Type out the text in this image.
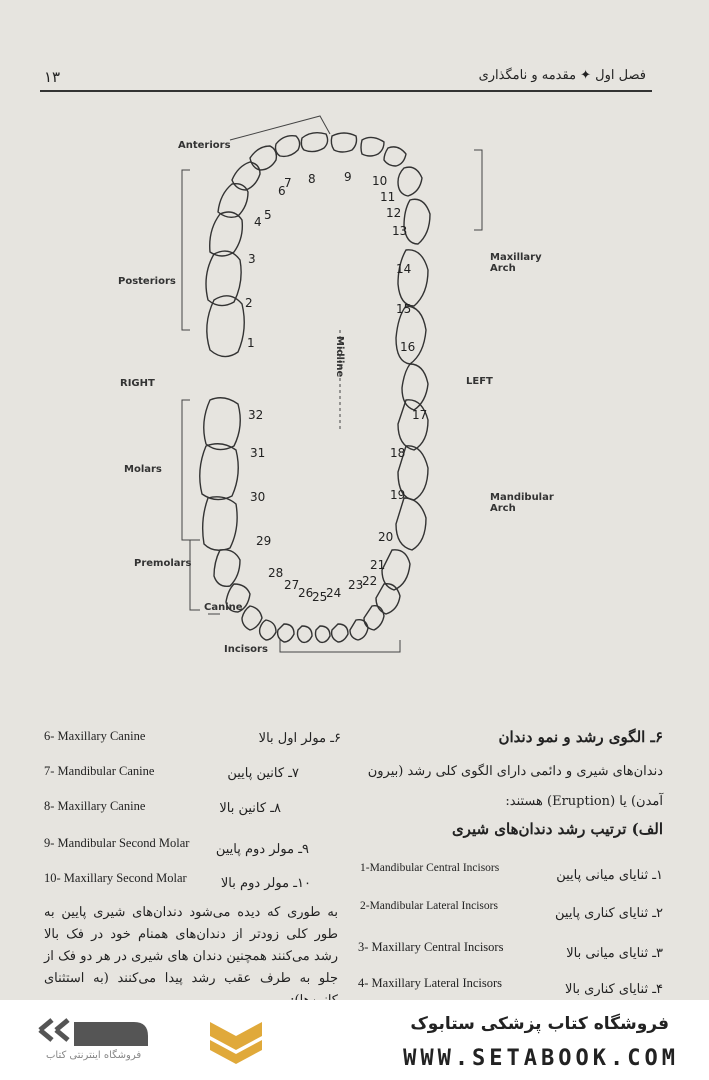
۱۳	فصل اول ✦ مقدمه و نامگذاری
Anteriors
Posteriors
RIGHT	LEFT
Maxillary Arch
Mandibular Arch
Molars
Premolars
Canine
Incisors
Midline
1
2
3
4 5
6
7 8 9 10
11
12
13
14
15
16
17
18
19
20
21
22
23
24
25
26
27
28
29
30
31
32
6- Maxillary Canine	۶ـ مولر اول بالا
7- Mandibular Canine	۷ـ کانین پایین
8- Maxillary Canine	۸ـ کانین بالا
9- Mandibular Second Molar ۹ـ مولر دوم پایین
10- Maxillary Second Molar	۱۰ـ مولر دوم بالا
به طوری که دیده می‌شود دندان‌های شیری پایین به طور کلی زودتر از دندان‌های همنام خود در فک بالا رشد می‌کنند همچنین دندان های شیری در هر دو فک از جلو به طرف عقب رشد پیدا می‌کنند (به استثنای
۶ـ الگوی رشد و نمو دندان
دندان‌های شیری و دائمی دارای الگوی کلی رشد (بیرون
آمدن) یا (Eruption) هستند:
الف) ترتیب رشد دندان‌های شیری
1-Mandibular Central Incisors	۱ـ ثنایای میانی پایین
2-Mandibular Lateral Incisors	۲ـ ثنایای کناری پایین
3- Maxillary Central Incisors	۳ـ ثنایای میانی بالا
4- Maxillary Lateral Incisors	۴ـ ثنایای کناری بالا
فروشگاه اینترنتی کتاب
فروشگاه کتاب پزشکی ستابوک
WWW.SETABOOK.COM
